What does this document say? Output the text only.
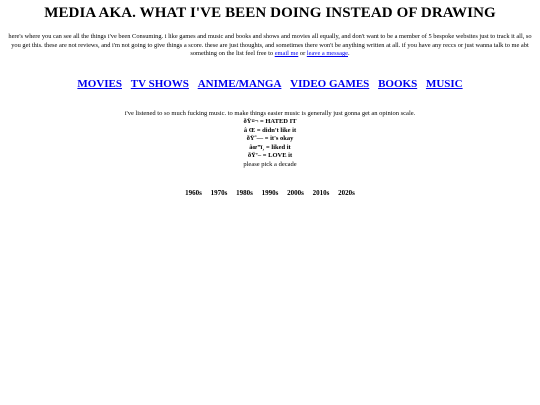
MEDIA AKA. WHAT I'VE BEEN DOING INSTEAD OF DRAWING

here's where you can see all the things i've been Consuming. i like games and music and books and shows and movies all equally, and don't want to be a member of 5 bespoke websites just to track it all, so you get this. these are not reviews, and i'm not going to give things a score. these are just thoughts, and sometimes there won't be anything written at all. if you have any reccs or just wanna talk to me abt something on the list feel free to email me or leave a message.

MOVIES TV SHOWS ANIME/MANGA VIDEO GAMES BOOKS MUSIC
i've listened to so much fucking music. to make things easier music is generally just gonna get an opinion scale.
ðŸ¤¬ = HATED IT
â Œ = didn't like it
ðŸ˜— = it's okay
âœ”ï¸ = liked it
ðŸ’– = LOVE it
please pick a decade
1960s 1970s 1980s 1990s 2000s 2010s 2020s
